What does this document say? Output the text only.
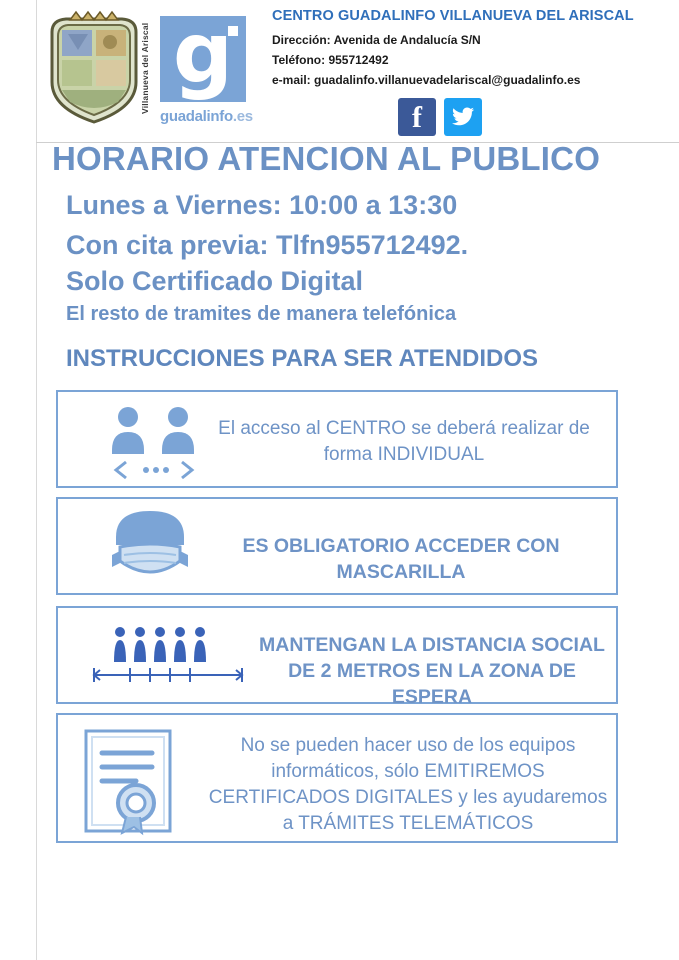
Villanueva del Ariscal g
guadalinfo.es
CENTRO GUADALINFO VILLANUEVA DEL ARISCAL
Dirección: Avenida de Andalucía S/N
Teléfono: 955712492
e-mail: guadalinfo.villanuevadelariscal@guadalinfo.es
f
HORARIO ATENCION AL PUBLICO
Lunes a Viernes: 10:00 a 13:30
Con cita previa: Tlfn955712492.
Solo Certificado Digital
El resto de tramites de manera telefónica
INSTRUCCIONES PARA SER ATENDIDOS
El acceso al CENTRO se deberá realizar de forma INDIVIDUAL
ES OBLIGATORIO ACCEDER CON MASCARILLA
MANTENGAN LA DISTANCIA SOCIAL DE 2 METROS EN LA ZONA DE ESPERA
No se pueden hacer uso de los equipos informáticos, sólo EMITIREMOS CERTIFICADOS DIGITALES y les ayudaremos a TRÁMITES TELEMÁTICOS
